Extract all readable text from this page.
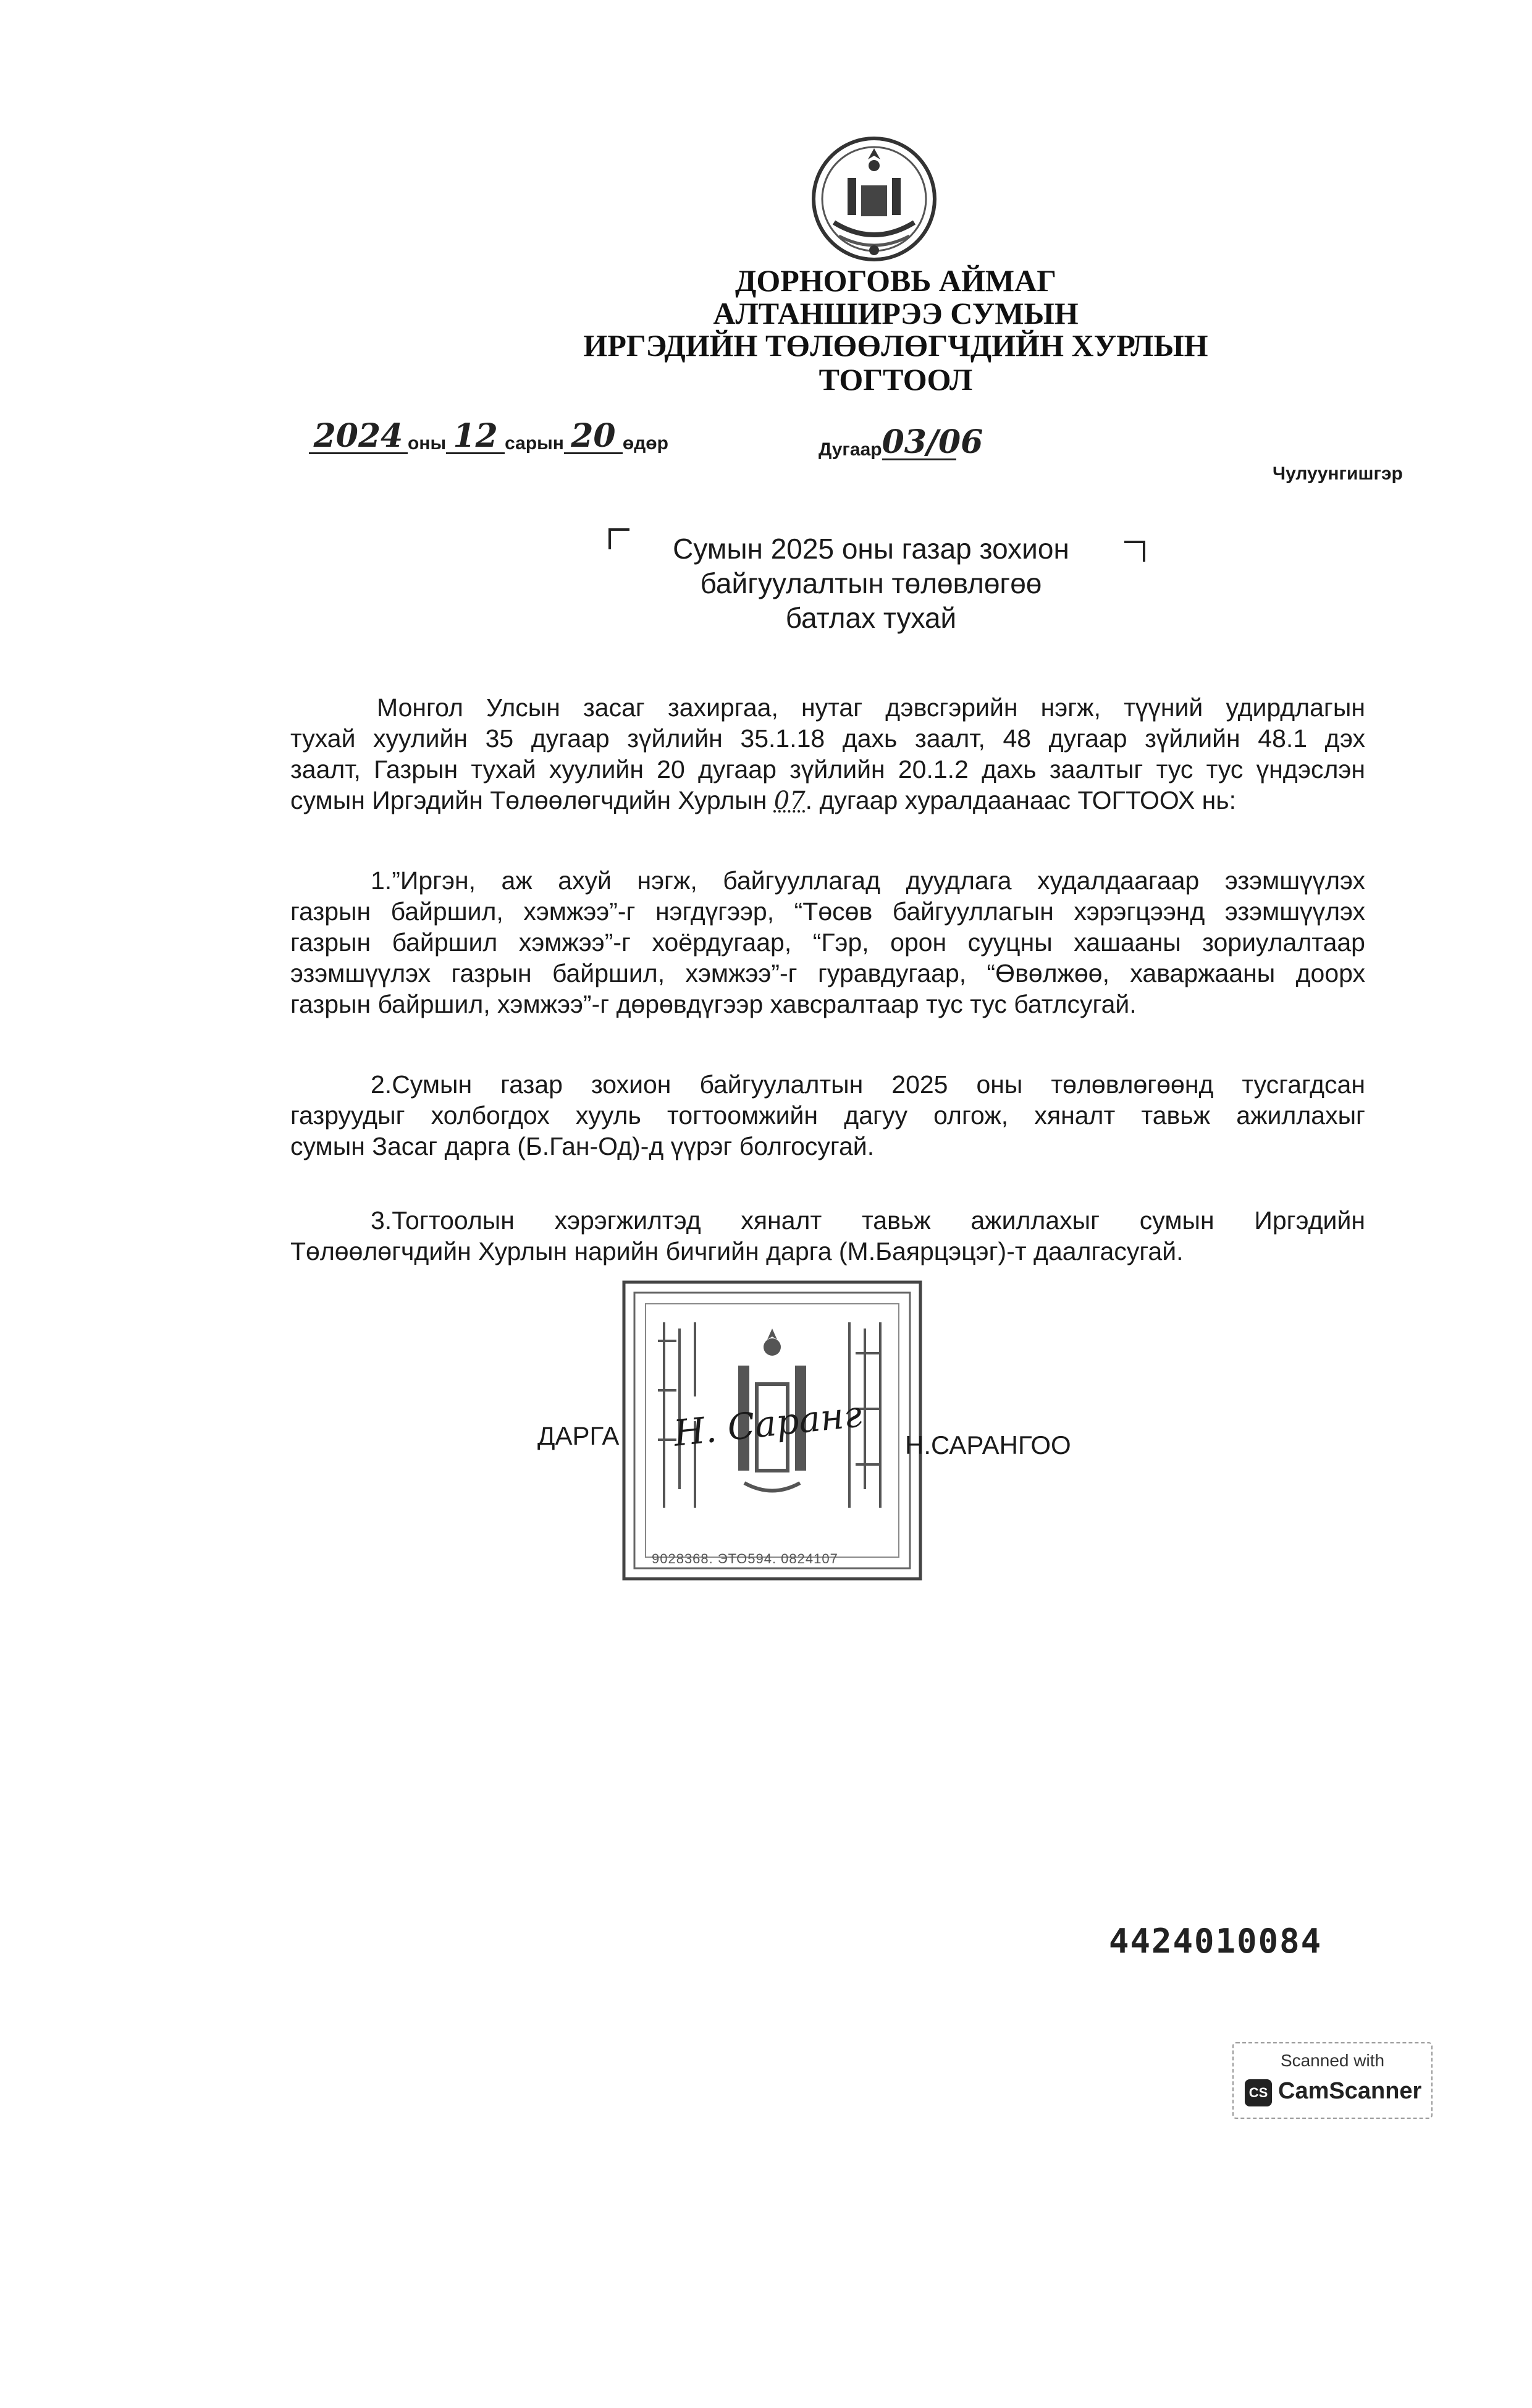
ДОРНОГОВЬ АЙМАГ
АЛТАНШИРЭЭ СУМЫН
ИРГЭДИЙН ТӨЛӨӨЛӨГЧДИЙН ХУРЛЫН
ТОГТООЛ
2024 оны 12 сарын 20 өдөр	Дугаар 03/06
Чулуунгишгэр
Сумын 2025 оны газар зохион
байгуулалтын төлөвлөгөө
батлах тухай
Монгол Улсын засаг захиргаа, нутаг дэвсгэрийн нэгж, түүний удирдлагын
тухай хуулийн 35 дугаар зүйлийн 35.1.18 дахь заалт, 48 дугаар зүйлийн 48.1 дэх
заалт, Газрын тухай хуулийн 20 дугаар зүйлийн 20.1.2 дахь заалтыг тус тус үндэслэн
сумын Иргэдийн Төлөөлөгчдийн Хурлын 07. дугаар хуралдаанаас ТОГТООХ нь:
1.”Иргэн, аж ахуй нэгж, байгууллагад дуудлага худалдаагаар эзэмшүүлэх
газрын байршил, хэмжээ”-г нэгдүгээр, “Төсөв байгууллагын хэрэгцээнд эзэмшүүлэх
газрын байршил хэмжээ”-г хоёрдугаар, “Гэр, орон сууцны хашааны зориулалтаар
эзэмшүүлэх газрын байршил, хэмжээ”-г гуравдугаар, “Өвөлжөө, хаваржааны доорх
газрын байршил, хэмжээ”-г дөрөвдүгээр хавсралтаар тус тус батлсугай.
2.Сумын газар зохион байгуулалтын 2025 оны төлөвлөгөөнд тусгагдсан
газруудыг холбогдох хууль тогтоомжийн дагуу олгож, хяналт тавьж ажиллахыг
сумын Засаг дарга (Б.Ган-Од)-д үүрэг болгосугай.
3.Тогтоолын хэрэгжилтэд хяналт тавьж ажиллахыг сумын Иргэдийн
Төлөөлөгчдийн Хурлын нарийн бичгийн дарга (М.Баярцэцэг)-т даалгасугай.
9028368. ЭТО594. 0824107
ДАРГА Н. Саранг Н.САРАНГОО
4424010084
Scanned with
CS CamScanner
